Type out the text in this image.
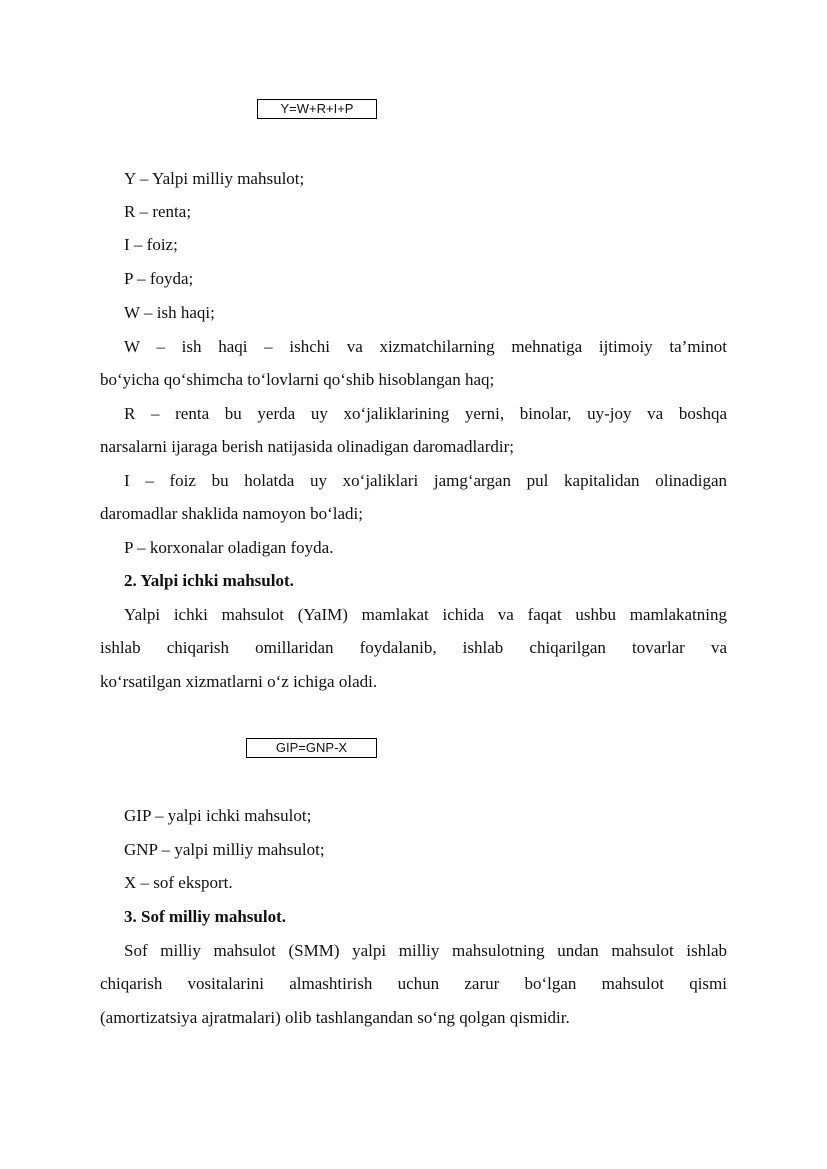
Y=W+R+I+P
Y – Yalpi milliy mahsulot;
R – renta;
I – foiz;
P – foyda;
W – ish haqi;
W – ish haqi – ishchi va xizmatchilarning mehnatiga ijtimoiy ta’minot
bo‘yicha qo‘shimcha to‘lovlarni qo‘shib hisoblangan haq;
R – renta bu yerda uy xo‘jaliklarining yerni, binolar, uy-joy va boshqa
narsalarni ijaraga berish natijasida olinadigan daromadlardir;
I – foiz bu holatda uy xo‘jaliklari jamg‘argan pul kapitalidan olinadigan
daromadlar shaklida namoyon bo‘ladi;
P – korxonalar oladigan foyda.
2. Yalpi ichki mahsulot.
Yalpi ichki mahsulot (YaIM) mamlakat ichida va faqat ushbu mamlakatning
ishlab chiqarish omillaridan foydalanib, ishlab chiqarilgan tovarlar va
ko‘rsatilgan xizmatlarni o‘z ichiga oladi.
GIP=GNP-X
GIP – yalpi ichki mahsulot;
GNP – yalpi milliy mahsulot;
X – sof eksport.
3. Sof milliy mahsulot.
Sof milliy mahsulot (SMM) yalpi milliy mahsulotning undan mahsulot ishlab
chiqarish vositalarini almashtirish uchun zarur bo‘lgan mahsulot qismi
(amortizatsiya ajratmalari) olib tashlangandan so‘ng qolgan qismidir.
